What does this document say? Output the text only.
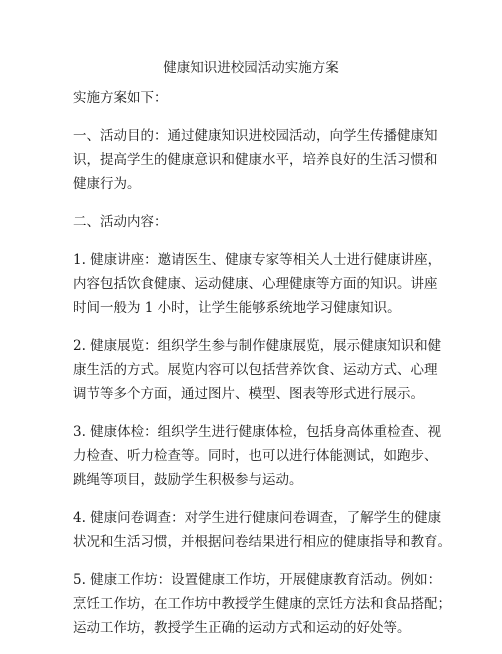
健康知识进校园活动实施方案

实施方案如下：

一、活动目的：通过健康知识进校园活动，向学生传播健康知
识，提高学生的健康意识和健康水平，培养良好的生活习惯和
健康行为。

二、活动内容：

1. 健康讲座：邀请医生、健康专家等相关人士进行健康讲座，
内容包括饮食健康、运动健康、心理健康等方面的知识。讲座
时间一般为 1 小时，让学生能够系统地学习健康知识。

2. 健康展览：组织学生参与制作健康展览，展示健康知识和健
康生活的方式。展览内容可以包括营养饮食、运动方式、心理
调节等多个方面，通过图片、模型、图表等形式进行展示。

3. 健康体检：组织学生进行健康体检，包括身高体重检查、视
力检查、听力检查等。同时，也可以进行体能测试，如跑步、
跳绳等项目，鼓励学生积极参与运动。

4. 健康问卷调查：对学生进行健康问卷调查，了解学生的健康
状况和生活习惯，并根据问卷结果进行相应的健康指导和教育。

5. 健康工作坊：设置健康工作坊，开展健康教育活动。例如：
烹饪工作坊，在工作坊中教授学生健康的烹饪方法和食品搭配；
运动工作坊，教授学生正确的运动方式和运动的好处等。
